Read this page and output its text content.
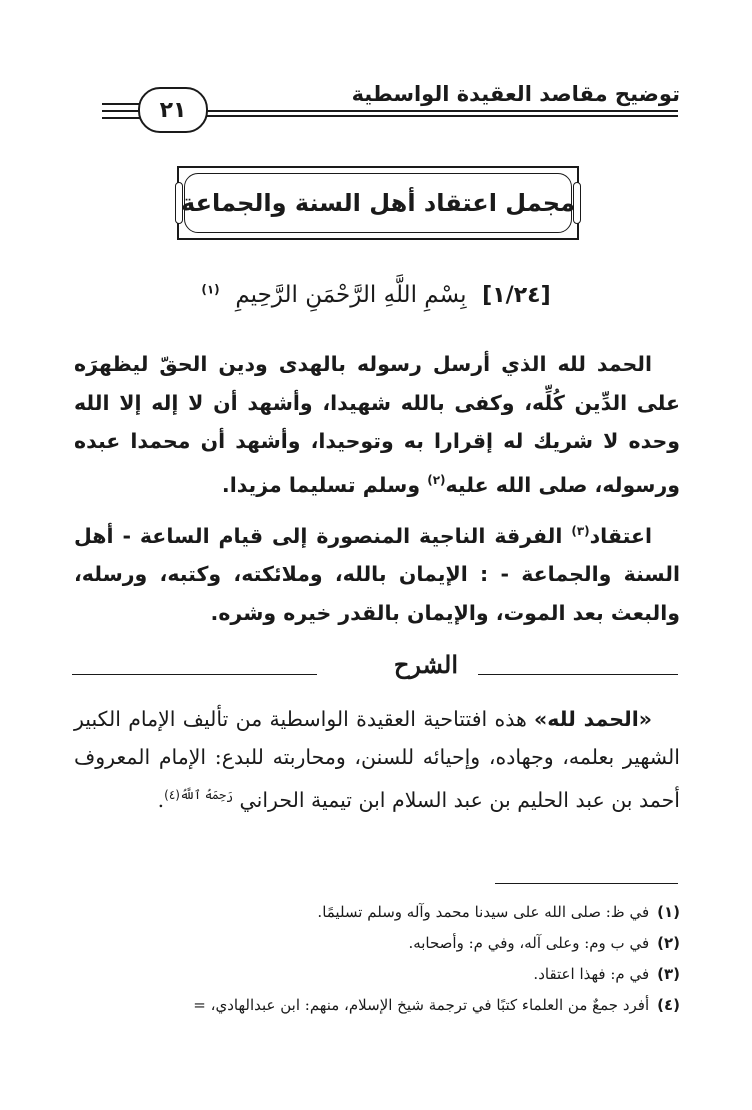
توضيح مقاصد العقيدة الواسطية
٢١
مجمل اعتقاد أهل السنة والجماعة
[١/٢٤] بِسْمِ اللَّهِ الرَّحْمَنِ الرَّحِيمِ $^{(١)}$
الحمد لله الذي أرسل رسوله بالهدى ودين الحقّ ليظهرَه على الدِّين كُلِّه، وكفى بالله شهيدا، وأشهد أن لا إله إلا الله وحده لا شريك له إقرارا به وتوحيدا، وأشهد أن محمدا عبده ورسوله، صلى الله عليه$^{(٢)}$ وسلم تسليما مزيدا.
اعتقاد$^{(٣)}$ الفرقة الناجية المنصورة إلى قيام الساعة - أهل السنة والجماعة - : الإيمان بالله، وملائكته، وكتبه، ورسله، والبعث بعد الموت، والإيمان بالقدر خيره وشره.
الشرح
«الحمد لله» هذه افتتاحية العقيدة الواسطية من تأليف الإمام الكبير الشهير بعلمه، وجهاده، وإحيائه للسنن، ومحاربته للبدع: الإمام المعروف أحمد بن عبد الحليم بن عبد السلام ابن تيمية الحراني $^{رَحِمَهُ ٱللَّهُ(٤)}$.
(١)في ظ: صلى الله على سيدنا محمد وآله وسلم تسليمًا.
(٢)في ب وم: وعلى آله، وفي م: وأصحابه.
(٣)في م: فهذا اعتقاد.
(٤)أفرد جمعٌ من العلماء كتبًا في ترجمة شيخ الإسلام، منهم: ابن عبدالهادي، =
